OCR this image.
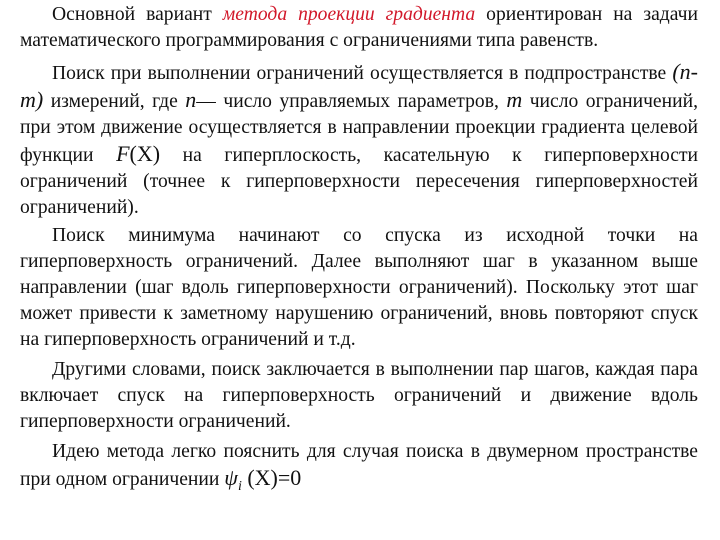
Основной вариант метода проекции градиента ориентирован на задачи математического программирования с ограничениями типа равенств.

Поиск при выполнении ограничений осуществляется в подпространстве (n-m) измерений, где n— число управляемых параметров, m число ограничений, при этом движение осуществляется в направлении проекции градиента целевой функции F(X) на гиперплоскость, касательную к гиперповерхности ограничений (точнее к гиперповерхности пересечения гиперповерхностей ограничений).

Поиск минимума начинают со спуска из исходной точки на гиперповерхность ограничений. Далее выполняют шаг в указанном выше направлении (шаг вдоль гиперповерхности ограничений). Поскольку этот шаг может привести к заметному нарушению ограничений, вновь повторяют спуск на гиперповерхность ограничений и т.д.

Другими словами, поиск заключается в выполнении пар шагов, каждая пара включает спуск на гиперповерхность ограничений и движение вдоль гиперповерхности ограничений.

Идею метода легко пояснить для случая поиска в двумерном пространстве при одном ограничении $\psi_i$ (X)=0
